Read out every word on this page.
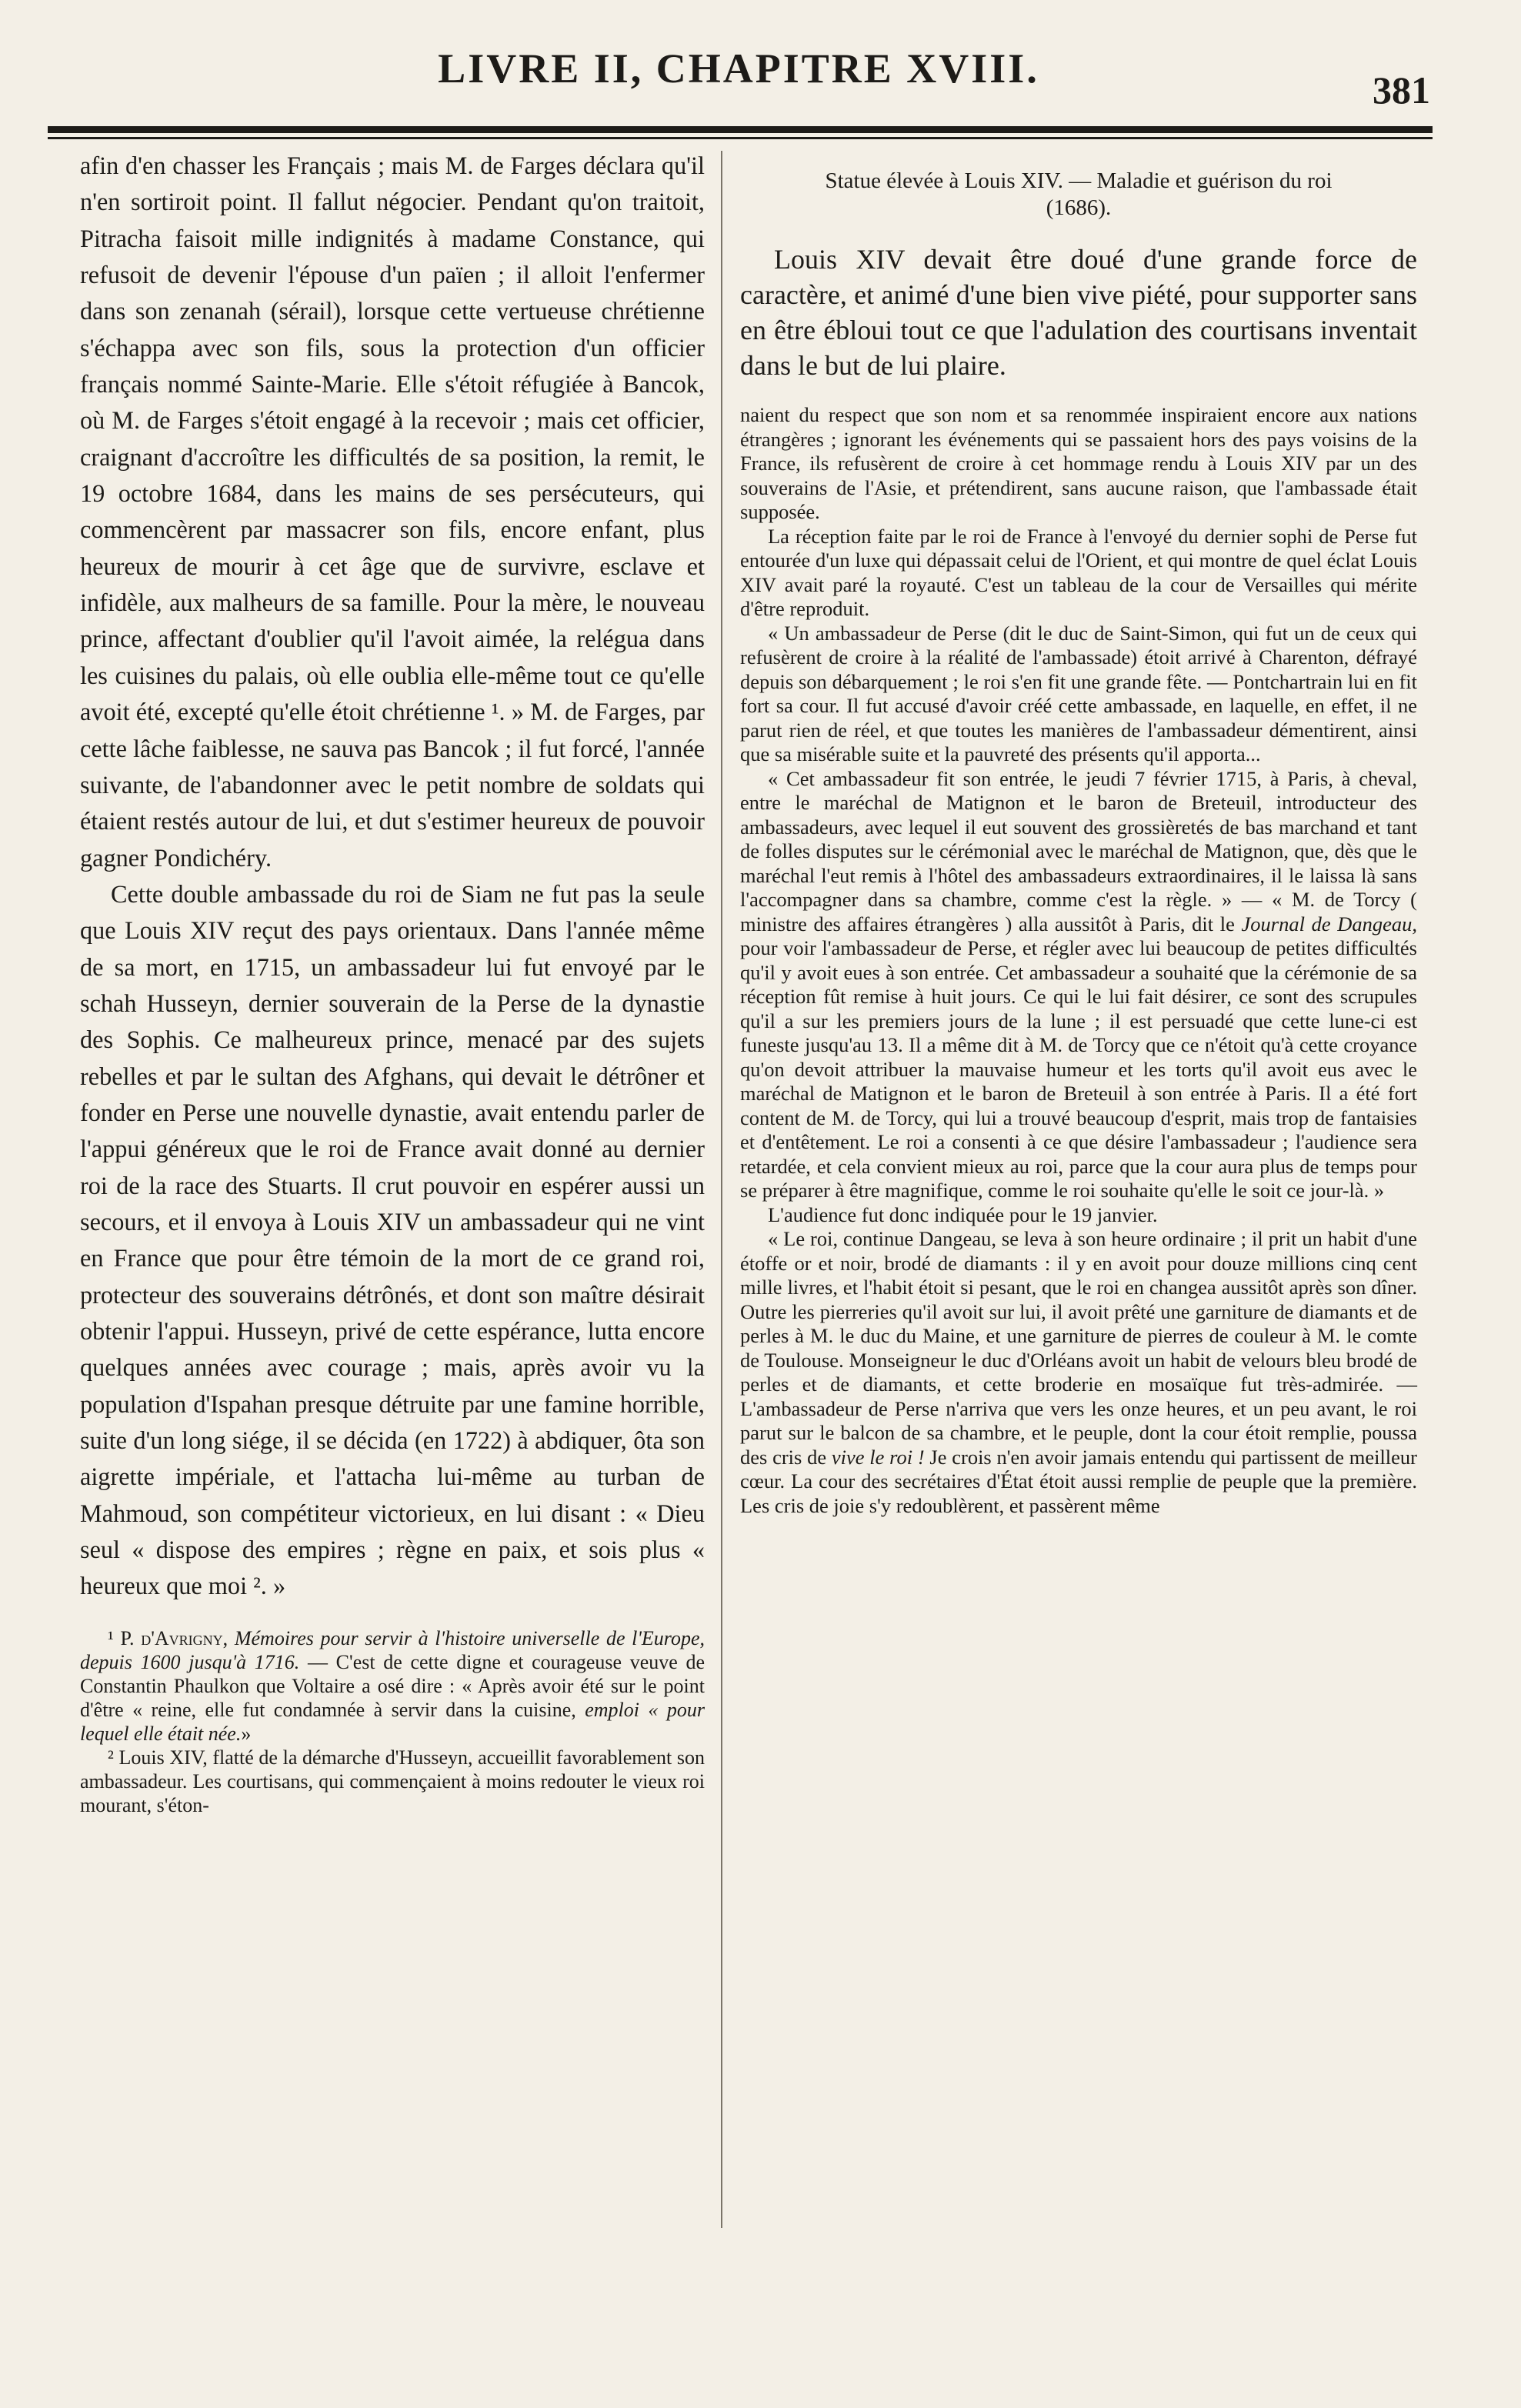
LIVRE II, CHAPITRE XVIII.	381

afin d'en chasser les Français ; mais M. de Farges déclara qu'il n'en sortiroit point. Il fallut négocier. Pendant qu'on traitoit, Pitracha faisoit mille indignités à madame Constance, qui refusoit de devenir l'épouse d'un païen ; il alloit l'enfermer dans son zenanah (sérail), lorsque cette vertueuse chrétienne s'échappa avec son fils, sous la protection d'un officier français nommé Sainte-Marie. Elle s'étoit réfugiée à Bancok, où M. de Farges s'étoit engagé à la recevoir ; mais cet officier, craignant d'accroître les difficultés de sa position, la remit, le 19 octobre 1684, dans les mains de ses persécuteurs, qui commencèrent par massacrer son fils, encore enfant, plus heureux de mourir à cet âge que de survivre, esclave et infidèle, aux malheurs de sa famille. Pour la mère, le nouveau prince, affectant d'oublier qu'il l'avoit aimée, la relégua dans les cuisines du palais, où elle oublia elle-même tout ce qu'elle avoit été, excepté qu'elle étoit chrétienne ¹. » M. de Farges, par cette lâche faiblesse, ne sauva pas Bancok ; il fut forcé, l'année suivante, de l'abandonner avec le petit nombre de soldats qui étaient restés autour de lui, et dut s'estimer heureux de pouvoir gagner Pondichéry.

Cette double ambassade du roi de Siam ne fut pas la seule que Louis XIV reçut des pays orientaux. Dans l'année même de sa mort, en 1715, un ambassadeur lui fut envoyé par le schah Husseyn, dernier souverain de la Perse de la dynastie des Sophis. Ce malheureux prince, menacé par des sujets rebelles et par le sultan des Afghans, qui devait le détrôner et fonder en Perse une nouvelle dynastie, avait entendu parler de l'appui généreux que le roi de France avait donné au dernier roi de la race des Stuarts. Il crut pouvoir en espérer aussi un secours, et il envoya à Louis XIV un ambassadeur qui ne vint en France que pour être témoin de la mort de ce grand roi, protecteur des souverains détrônés, et dont son maître désirait obtenir l'appui. Husseyn, privé de cette espérance, lutta encore quelques années avec courage ; mais, après avoir vu la population d'Ispahan presque détruite par une famine horrible, suite d'un long siége, il se décida (en 1722) à abdiquer, ôta son aigrette impériale, et l'attacha lui-même au turban de Mahmoud, son compétiteur victorieux, en lui disant : « Dieu seul « dispose des empires ; règne en paix, et sois plus « heureux que moi ². »

¹ P. d'Avrigny, Mémoires pour servir à l'histoire universelle de l'Europe, depuis 1600 jusqu'à 1716. — C'est de cette digne et courageuse veuve de Constantin Phaulkon que Voltaire a osé dire : « Après avoir été sur le point d'être « reine, elle fut condamnée à servir dans la cuisine, emploi « pour lequel elle était née.»

² Louis XIV, flatté de la démarche d'Husseyn, accueillit favorablement son ambassadeur. Les courtisans, qui commençaient à moins redouter le vieux roi mourant, s'éton-

Statue élevée à Louis XIV. — Maladie et guérison du roi
(1686).

Louis XIV devait être doué d'une grande force de caractère, et animé d'une bien vive piété, pour supporter sans en être ébloui tout ce que l'adulation des courtisans inventait dans le but de lui plaire.

naient du respect que son nom et sa renommée inspiraient encore aux nations étrangères ; ignorant les événements qui se passaient hors des pays voisins de la France, ils refusèrent de croire à cet hommage rendu à Louis XIV par un des souverains de l'Asie, et prétendirent, sans aucune raison, que l'ambassade était supposée.

La réception faite par le roi de France à l'envoyé du dernier sophi de Perse fut entourée d'un luxe qui dépassait celui de l'Orient, et qui montre de quel éclat Louis XIV avait paré la royauté. C'est un tableau de la cour de Versailles qui mérite d'être reproduit.

« Un ambassadeur de Perse (dit le duc de Saint-Simon, qui fut un de ceux qui refusèrent de croire à la réalité de l'ambassade) étoit arrivé à Charenton, défrayé depuis son débarquement ; le roi s'en fit une grande fête. — Pontchartrain lui en fit fort sa cour. Il fut accusé d'avoir créé cette ambassade, en laquelle, en effet, il ne parut rien de réel, et que toutes les manières de l'ambassadeur démentirent, ainsi que sa misérable suite et la pauvreté des présents qu'il apporta...

« Cet ambassadeur fit son entrée, le jeudi 7 février 1715, à Paris, à cheval, entre le maréchal de Matignon et le baron de Breteuil, introducteur des ambassadeurs, avec lequel il eut souvent des grossièretés de bas marchand et tant de folles disputes sur le cérémonial avec le maréchal de Matignon, que, dès que le maréchal l'eut remis à l'hôtel des ambassadeurs extraordinaires, il le laissa là sans l'accompagner dans sa chambre, comme c'est la règle. » — « M. de Torcy ( ministre des affaires étrangères ) alla aussitôt à Paris, dit le Journal de Dangeau, pour voir l'ambassadeur de Perse, et régler avec lui beaucoup de petites difficultés qu'il y avoit eues à son entrée. Cet ambassadeur a souhaité que la cérémonie de sa réception fût remise à huit jours. Ce qui le lui fait désirer, ce sont des scrupules qu'il a sur les premiers jours de la lune ; il est persuadé que cette lune-ci est funeste jusqu'au 13. Il a même dit à M. de Torcy que ce n'étoit qu'à cette croyance qu'on devoit attribuer la mauvaise humeur et les torts qu'il avoit eus avec le maréchal de Matignon et le baron de Breteuil à son entrée à Paris. Il a été fort content de M. de Torcy, qui lui a trouvé beaucoup d'esprit, mais trop de fantaisies et d'entêtement. Le roi a consenti à ce que désire l'ambassadeur ; l'audience sera retardée, et cela convient mieux au roi, parce que la cour aura plus de temps pour se préparer à être magnifique, comme le roi souhaite qu'elle le soit ce jour-là. »

L'audience fut donc indiquée pour le 19 janvier.

« Le roi, continue Dangeau, se leva à son heure ordinaire ; il prit un habit d'une étoffe or et noir, brodé de diamants : il y en avoit pour douze millions cinq cent mille livres, et l'habit étoit si pesant, que le roi en changea aussitôt après son dîner. Outre les pierreries qu'il avoit sur lui, il avoit prêté une garniture de diamants et de perles à M. le duc du Maine, et une garniture de pierres de couleur à M. le comte de Toulouse. Monseigneur le duc d'Orléans avoit un habit de velours bleu brodé de perles et de diamants, et cette broderie en mosaïque fut très-admirée. — L'ambassadeur de Perse n'arriva que vers les onze heures, et un peu avant, le roi parut sur le balcon de sa chambre, et le peuple, dont la cour étoit remplie, poussa des cris de vive le roi ! Je crois n'en avoir jamais entendu qui partissent de meilleur cœur. La cour des secrétaires d'État étoit aussi remplie de peuple que la première. Les cris de joie s'y redoublèrent, et passèrent même
